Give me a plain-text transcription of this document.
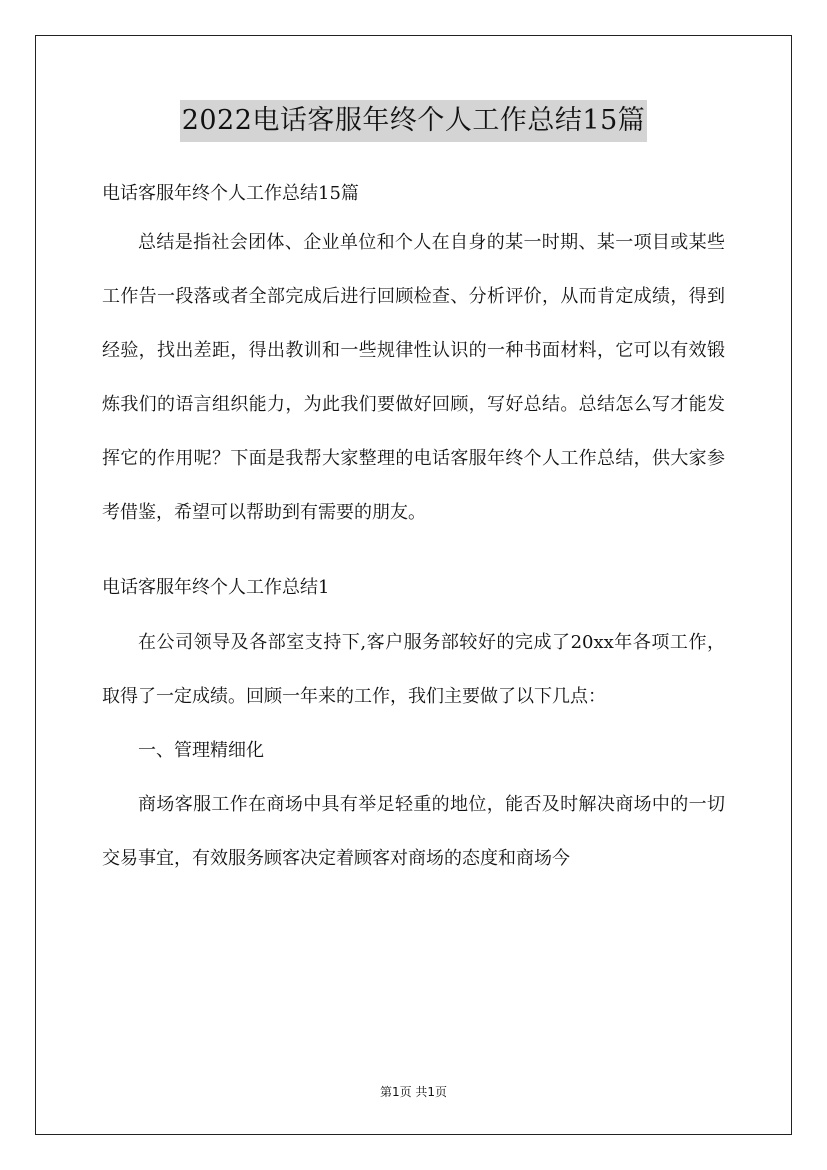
2022电话客服年终个人工作总结15篇

电话客服年终个人工作总结15篇

总结是指社会团体、企业单位和个人在自身的某一时期、某一项目或某些工作告一段落或者全部完成后进行回顾检查、分析评价，从而肯定成绩，得到经验，找出差距，得出教训和一些规律性认识的一种书面材料，它可以有效锻炼我们的语言组织能力，为此我们要做好回顾，写好总结。总结怎么写才能发挥它的作用呢？下面是我帮大家整理的电话客服年终个人工作总结，供大家参考借鉴，希望可以帮助到有需要的朋友。

电话客服年终个人工作总结1

在公司领导及各部室支持下,客户服务部较好的完成了20xx年各项工作，取得了一定成绩。回顾一年来的工作，我们主要做了以下几点：

一、管理精细化

商场客服工作在商场中具有举足轻重的地位，能否及时解决商场中的一切交易事宜，有效服务顾客决定着顾客对商场的态度和商场今

第1页 共1页
